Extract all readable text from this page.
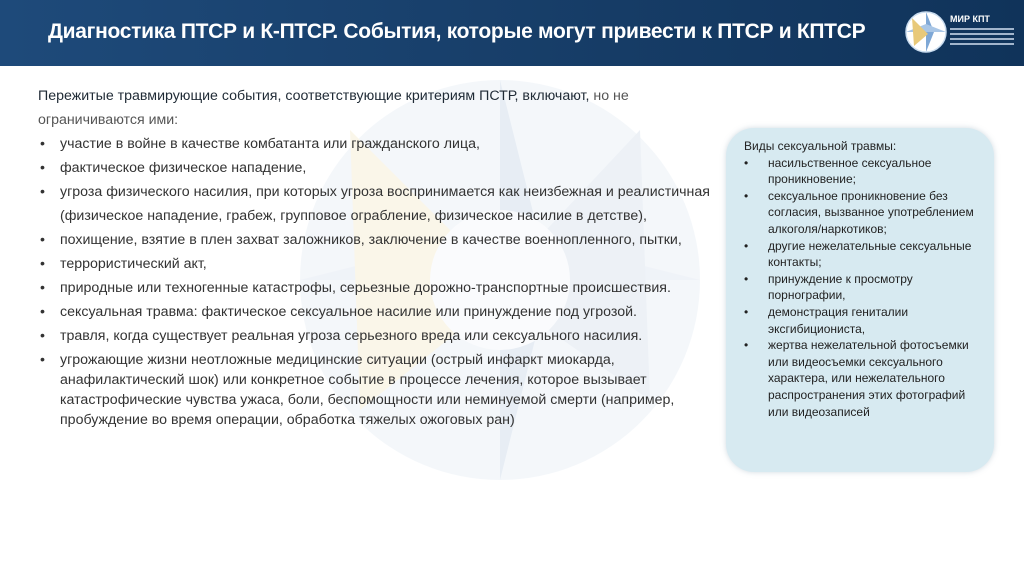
Диагностика ПТСР и К-ПТСР. События, которые могут привести к ПТСР и КПТСР
МИР КПТ
Пережитые травмирующие события, соответствующие критериям ПСТР, включают, но не ограничиваются ими:
• участие в войне в качестве комбатанта или гражданского лица,
• фактическое физическое нападение,
• угроза физического насилия, при которых угроза воспринимается как неизбежная и реалистичная (физическое нападение, грабеж, групповое ограбление, физическое насилие в детстве),
• похищение, взятие в плен захват заложников, заключение в качестве военнопленного, пытки,
• террористический акт,
• природные или техногенные катастрофы, серьезные дорожно-транспортные происшествия.
• сексуальная травма: фактическое сексуальное насилие или принуждение под угрозой.
• травля, когда существует реальная угроза серьезного вреда или сексуального насилия.
• угрожающие жизни неотложные медицинские ситуации (острый инфаркт миокарда, анафилактический шок) или конкретное событие в процессе лечения, которое вызывает катастрофические чувства ужаса, боли, беспомощности или неминуемой смерти (например, пробуждение во время операции, обработка тяжелых ожоговых ран)
Виды сексуальной травмы:
• насильственное сексуальное проникновение;
• сексуальное проникновение без согласия, вызванное употреблением алкоголя/наркотиков;
• другие нежелательные сексуальные контакты;
• принуждение к просмотру порнографии,
• демонстрация гениталии эксгибициониста,
• жертва нежелательной фотосъемки или видеосъемки сексуального характера, или нежелательного распространения этих фотографий или видеозаписей
